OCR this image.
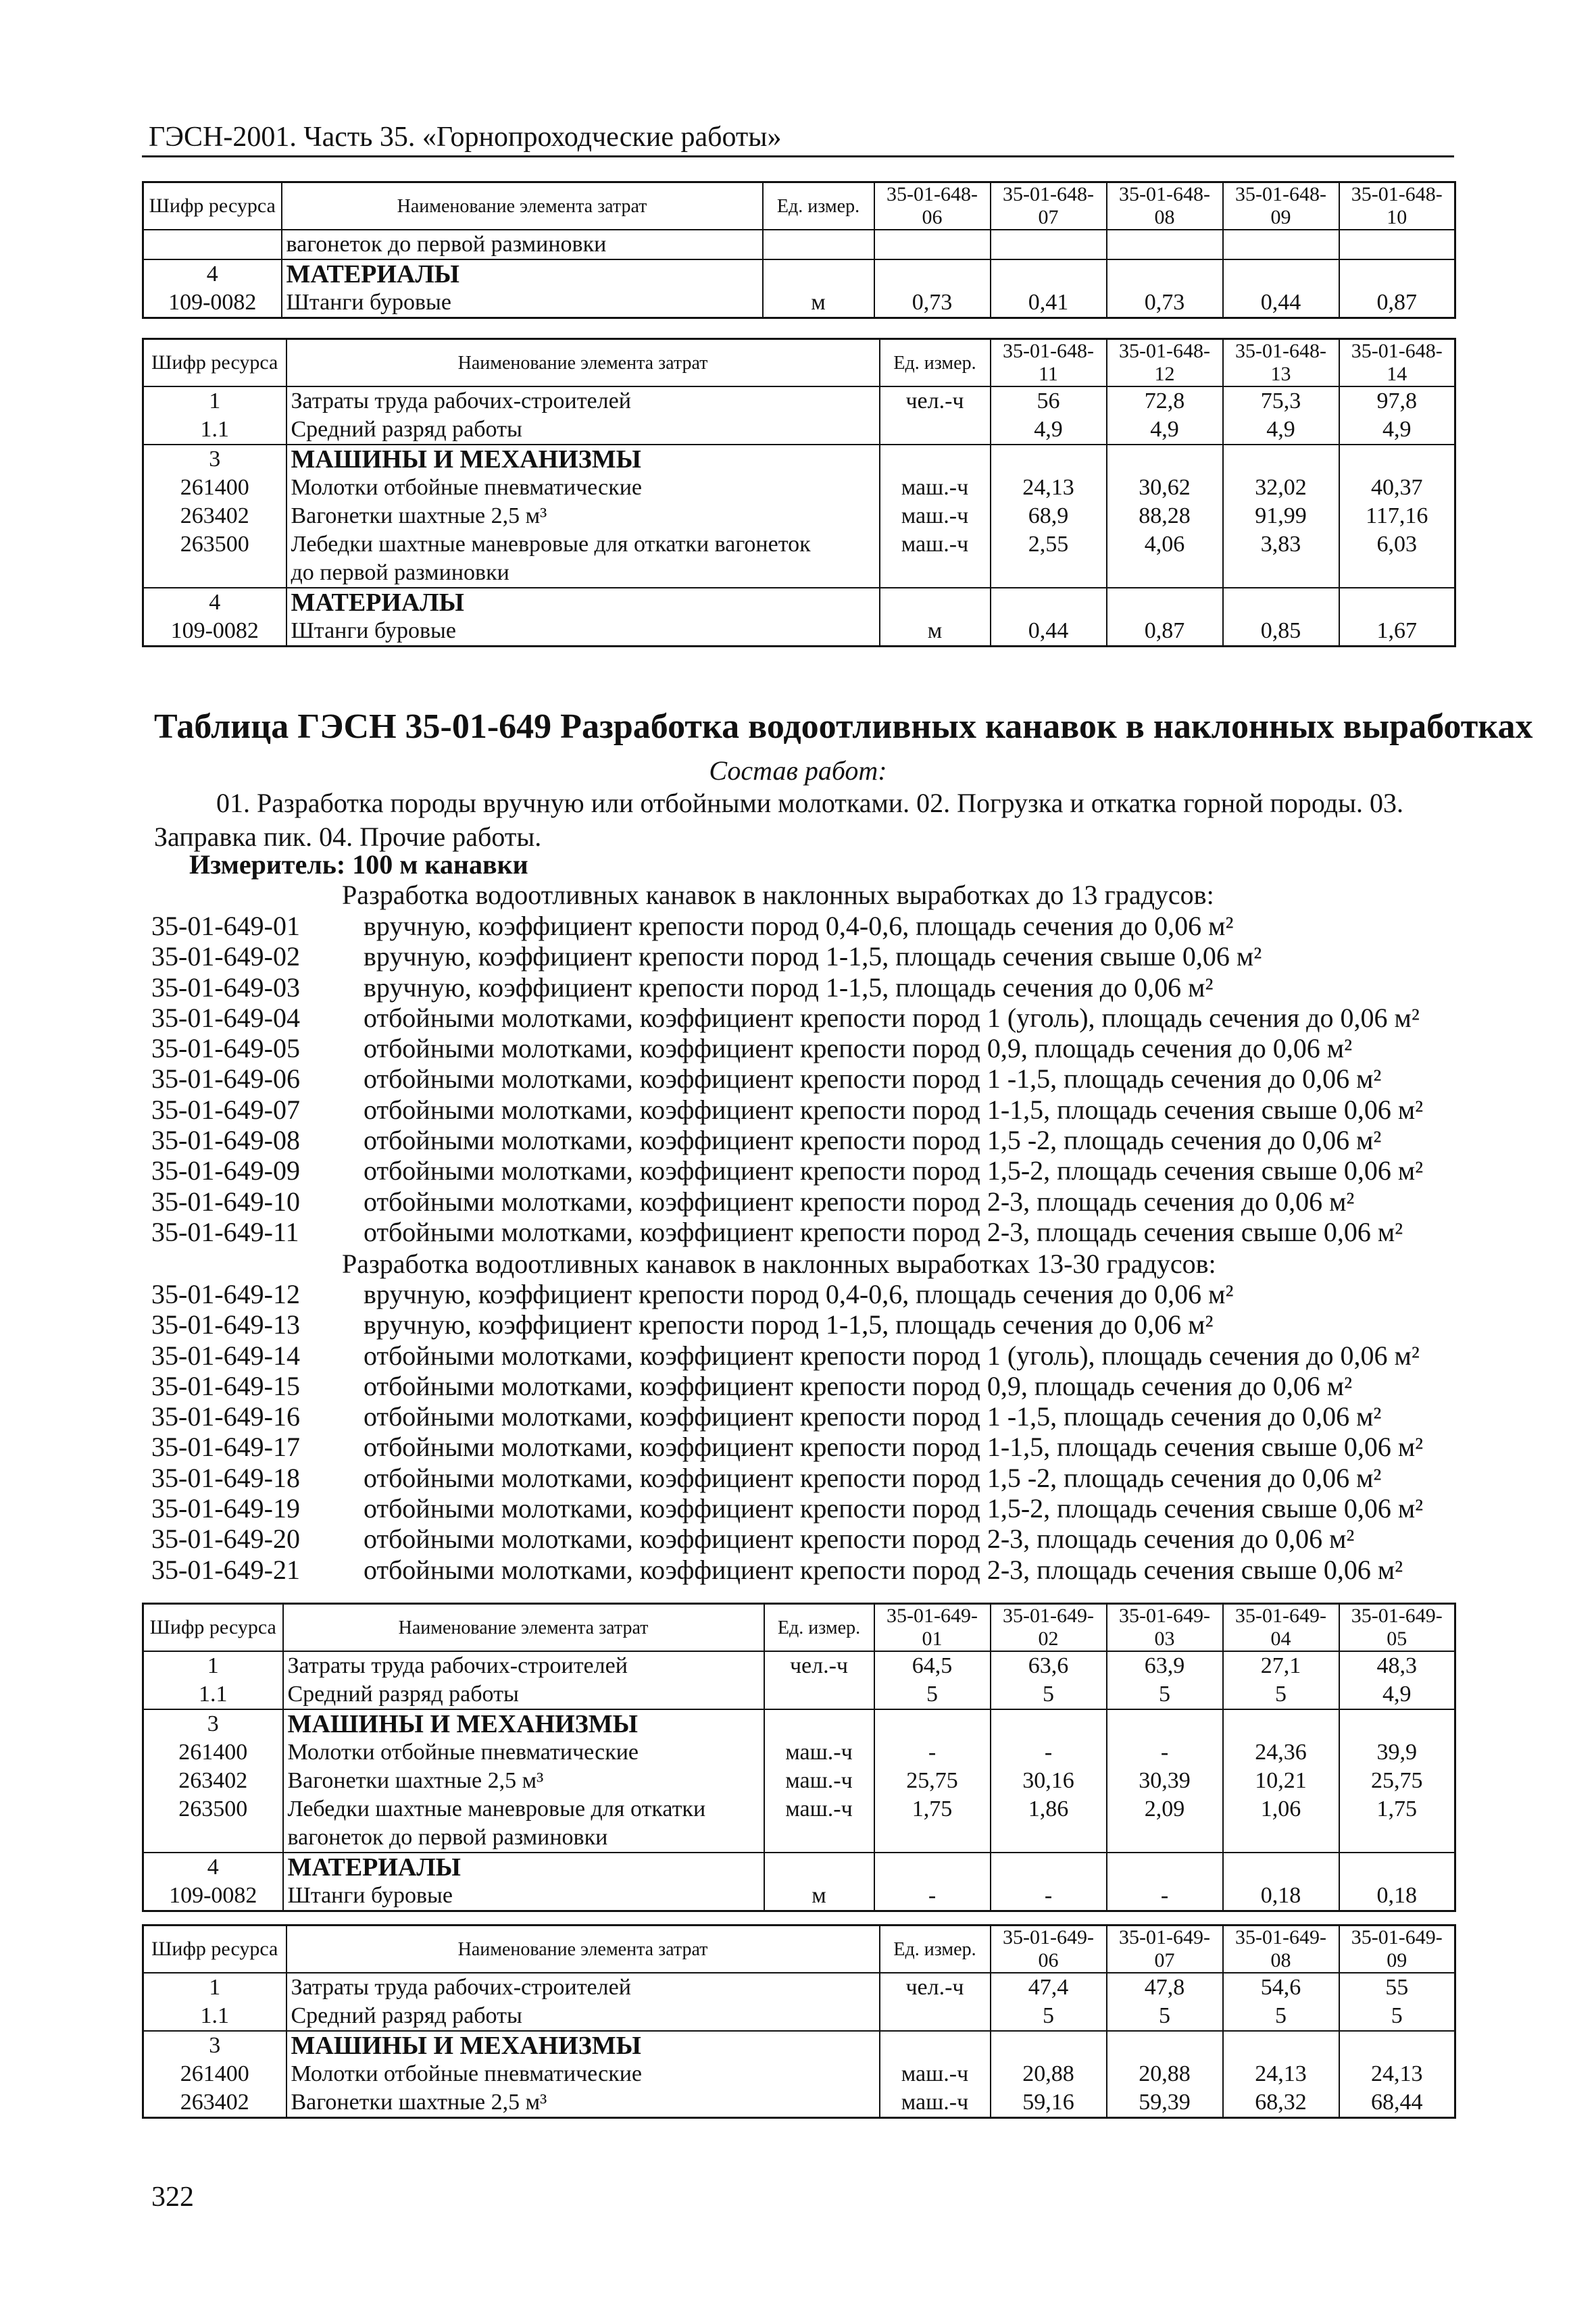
ГЭСН-2001. Часть 35. «Горнопроходческие работы»
Шифр ресурса	Наименование элемента затрат	Ед. измер.	35-01-648-06	35-01-648-07	35-01-648-08	35-01-648-09	35-01-648-10
	вагонеток до первой разминовки						
4	МАТЕРИАЛЫ						
109-0082	Штанги буровые	м	0,73	0,41	0,73	0,44	0,87
Шифр ресурса	Наименование элемента затрат	Ед. измер.	35-01-648-11	35-01-648-12	35-01-648-13	35-01-648-14
1	Затраты труда рабочих-строителей	чел.-ч	56	72,8	75,3	97,8
1.1	Средний разряд работы		4,9	4,9	4,9	4,9
3	МАШИНЫ И МЕХАНИЗМЫ					
261400	Молотки отбойные пневматические	маш.-ч	24,13	30,62	32,02	40,37
263402	Вагонетки шахтные 2,5 м³	маш.-ч	68,9	88,28	91,99	117,16
263500	Лебедки шахтные маневровые для откатки вагонеток	маш.-ч	2,55	4,06	3,83	6,03
	до первой разминовки					
4	МАТЕРИАЛЫ					
109-0082	Штанги буровые	м	0,44	0,87	0,85	1,67
Таблица ГЭСН 35-01-649 Разработка водоотливных канавок в наклонных выработках
Состав работ:
01. Разработка породы вручную или отбойными молотками. 02. Погрузка и откатка горной породы. 03. Заправка пик. 04. Прочие работы.
Измеритель: 100 м канавки
Разработка водоотливных канавок в наклонных выработках до 13 градусов:
35-01-649-01 вручную, коэффициент крепости пород 0,4-0,6, площадь сечения до 0,06 м²
35-01-649-02 вручную, коэффициент крепости пород 1-1,5, площадь сечения свыше 0,06 м²
35-01-649-03 вручную, коэффициент крепости пород 1-1,5, площадь сечения до 0,06 м²
35-01-649-04 отбойными молотками, коэффициент крепости пород 1 (уголь), площадь сечения до 0,06 м²
35-01-649-05 отбойными молотками, коэффициент крепости пород 0,9, площадь сечения до 0,06 м²
35-01-649-06 отбойными молотками, коэффициент крепости пород 1 -1,5, площадь сечения до 0,06 м²
35-01-649-07 отбойными молотками, коэффициент крепости пород 1-1,5, площадь сечения свыше 0,06 м²
35-01-649-08 отбойными молотками, коэффициент крепости пород 1,5 -2, площадь сечения до 0,06 м²
35-01-649-09 отбойными молотками, коэффициент крепости пород 1,5-2, площадь сечения свыше 0,06 м²
35-01-649-10 отбойными молотками, коэффициент крепости пород 2-3, площадь сечения до 0,06 м²
35-01-649-11 отбойными молотками, коэффициент крепости пород 2-3, площадь сечения свыше 0,06 м²
Разработка водоотливных канавок в наклонных выработках 13-30 градусов:
35-01-649-12 вручную, коэффициент крепости пород 0,4-0,6, площадь сечения до 0,06 м²
35-01-649-13 вручную, коэффициент крепости пород 1-1,5, площадь сечения до 0,06 м²
35-01-649-14 отбойными молотками, коэффициент крепости пород 1 (уголь), площадь сечения до 0,06 м²
35-01-649-15 отбойными молотками, коэффициент крепости пород 0,9, площадь сечения до 0,06 м²
35-01-649-16 отбойными молотками, коэффициент крепости пород 1 -1,5, площадь сечения до 0,06 м²
35-01-649-17 отбойными молотками, коэффициент крепости пород 1-1,5, площадь сечения свыше 0,06 м²
35-01-649-18 отбойными молотками, коэффициент крепости пород 1,5 -2, площадь сечения до 0,06 м²
35-01-649-19 отбойными молотками, коэффициент крепости пород 1,5-2, площадь сечения свыше 0,06 м²
35-01-649-20 отбойными молотками, коэффициент крепости пород 2-3, площадь сечения до 0,06 м²
35-01-649-21 отбойными молотками, коэффициент крепости пород 2-3, площадь сечения свыше 0,06 м²
Шифр ресурса	Наименование элемента затрат	Ед. измер.	35-01-649-01	35-01-649-02	35-01-649-03	35-01-649-04	35-01-649-05
1	Затраты труда рабочих-строителей	чел.-ч	64,5	63,6	63,9	27,1	48,3
1.1	Средний разряд работы		5	5	5	5	4,9
3	МАШИНЫ И МЕХАНИЗМЫ						
261400	Молотки отбойные пневматические	маш.-ч	-	-	-	24,36	39,9
263402	Вагонетки шахтные 2,5 м³	маш.-ч	25,75	30,16	30,39	10,21	25,75
263500	Лебедки шахтные маневровые для откатки	маш.-ч	1,75	1,86	2,09	1,06	1,75
	вагонеток до первой разминовки						
4	МАТЕРИАЛЫ						
109-0082	Штанги буровые	м	-	-	-	0,18	0,18
Шифр ресурса	Наименование элемента затрат	Ед. измер.	35-01-649-06	35-01-649-07	35-01-649-08	35-01-649-09
1	Затраты труда рабочих-строителей	чел.-ч	47,4	47,8	54,6	55
1.1	Средний разряд работы		5	5	5	5
3	МАШИНЫ И МЕХАНИЗМЫ					
261400	Молотки отбойные пневматические	маш.-ч	20,88	20,88	24,13	24,13
263402	Вагонетки шахтные 2,5 м³	маш.-ч	59,16	59,39	68,32	68,44
322
